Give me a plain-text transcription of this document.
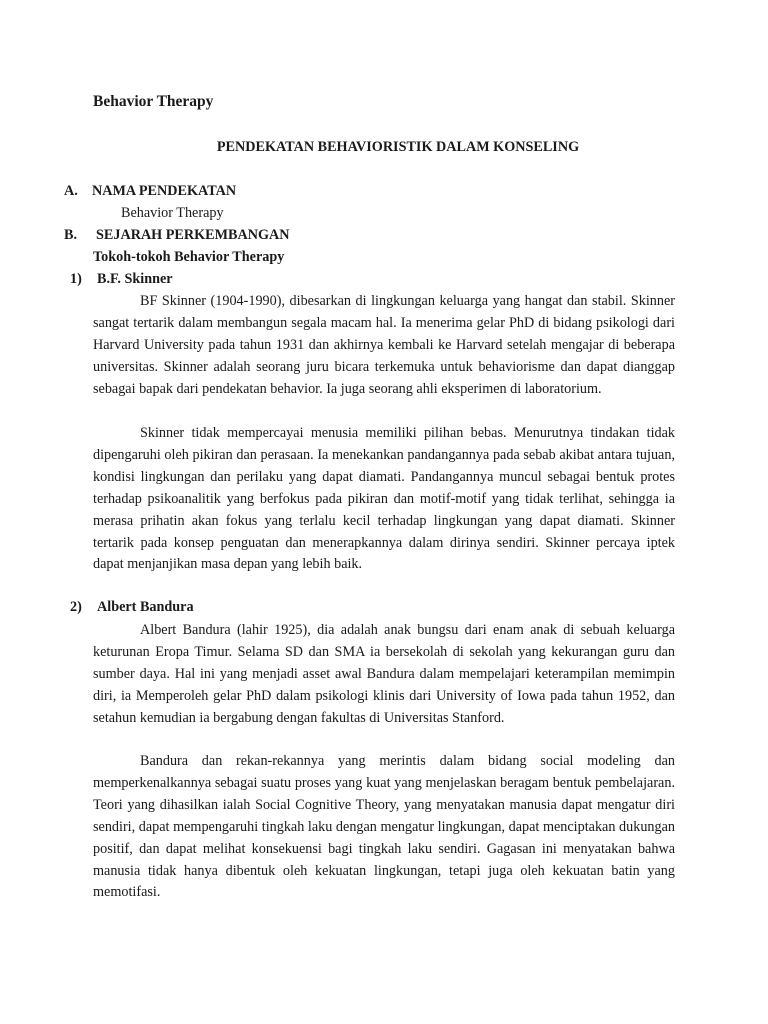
Behavior Therapy
PENDEKATAN BEHAVIORISTIK DALAM KONSELING
A. NAMA PENDEKATAN
Behavior Therapy
B. SEJARAH PERKEMBANGAN
Tokoh-tokoh Behavior Therapy
1) B.F. Skinner

BF Skinner (1904-1990), dibesarkan di lingkungan keluarga yang hangat dan stabil. Skinner sangat tertarik dalam membangun segala macam hal. Ia menerima gelar PhD di bidang psikologi dari Harvard University pada tahun 1931 dan akhirnya kembali ke Harvard setelah mengajar di beberapa universitas. Skinner adalah seorang juru bicara terkemuka untuk behaviorisme dan dapat dianggap sebagai bapak dari pendekatan behavior. Ia juga seorang ahli eksperimen di laboratorium.

Skinner tidak mempercayai menusia memiliki pilihan bebas. Menurutnya tindakan tidak dipengaruhi oleh pikiran dan perasaan. Ia menekankan pandangannya pada sebab akibat antara tujuan, kondisi lingkungan dan perilaku yang dapat diamati. Pandangannya muncul sebagai bentuk protes terhadap psikoanalitik yang berfokus pada pikiran dan motif-motif yang tidak terlihat, sehingga ia merasa prihatin akan fokus yang terlalu kecil terhadap lingkungan yang dapat diamati. Skinner tertarik pada konsep penguatan dan menerapkannya dalam dirinya sendiri. Skinner percaya iptek dapat menjanjikan masa depan yang lebih baik.

2) Albert Bandura

Albert Bandura (lahir 1925), dia adalah anak bungsu dari enam anak di sebuah keluarga keturunan Eropa Timur. Selama SD dan SMA ia bersekolah di sekolah yang kekurangan guru dan sumber daya. Hal ini yang menjadi asset awal Bandura dalam mempelajari keterampilan memimpin diri, ia Memperoleh gelar PhD dalam psikologi klinis dari University of Iowa pada tahun 1952, dan setahun kemudian ia bergabung dengan fakultas di Universitas Stanford.

Bandura dan rekan-rekannya yang merintis dalam bidang social modeling dan memperkenalkannya sebagai suatu proses yang kuat yang menjelaskan beragam bentuk pembelajaran. Teori yang dihasilkan ialah Social Cognitive Theory, yang menyatakan manusia dapat mengatur diri sendiri, dapat mempengaruhi tingkah laku dengan mengatur lingkungan, dapat menciptakan dukungan positif, dan dapat melihat konsekuensi bagi tingkah laku sendiri. Gagasan ini menyatakan bahwa manusia tidak hanya dibentuk oleh kekuatan lingkungan, tetapi juga oleh kekuatan batin yang memotifasi.
